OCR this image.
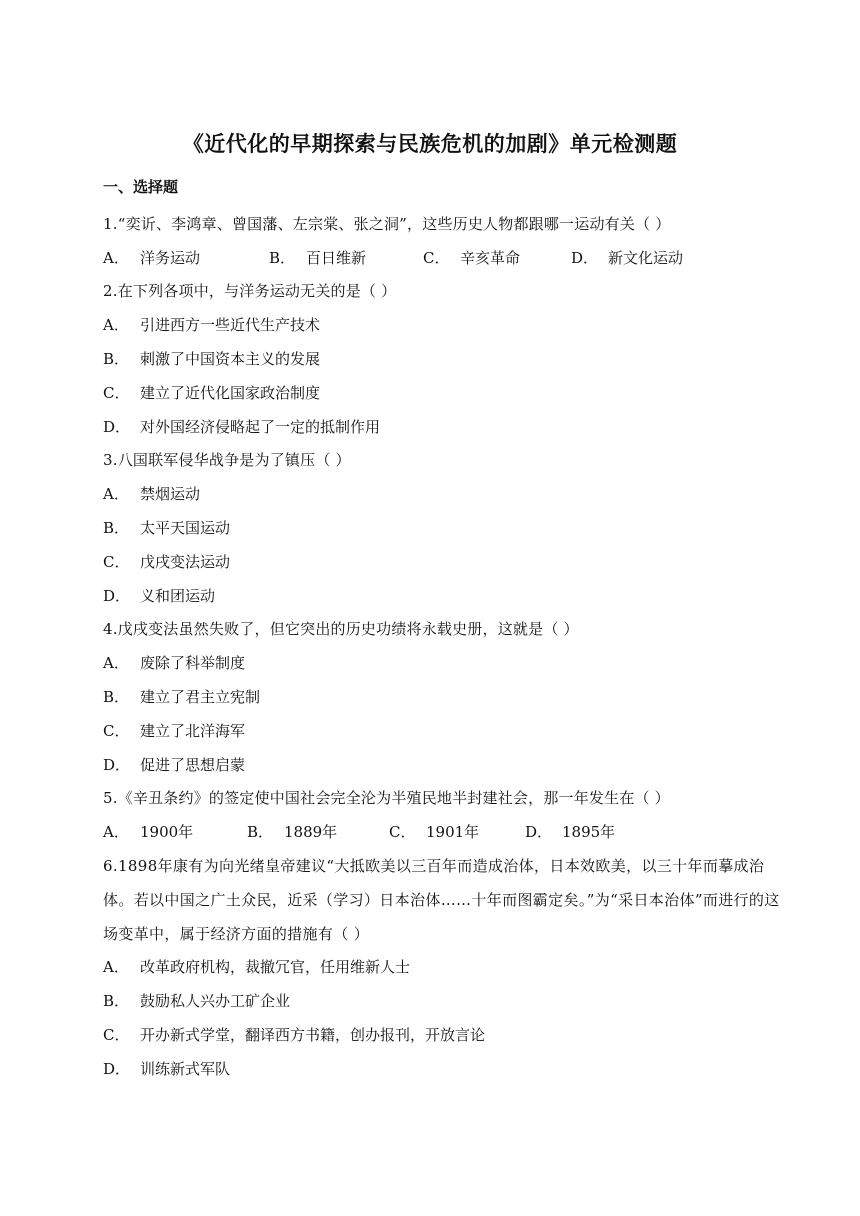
《近代化的早期探索与民族危机的加剧》单元检测题
一、选择题
1.“奕䜣、李鸿章、曾国藩、左宗棠、张之洞”，这些历史人物都跟哪一运动有关（ ）
A． 洋务运动	B． 百日维新	C． 辛亥革命	D． 新文化运动
2.在下列各项中，与洋务运动无关的是（ ）
A． 引进西方一些近代生产技术
B． 刺激了中国资本主义的发展
C． 建立了近代化国家政治制度
D． 对外国经济侵略起了一定的抵制作用
3.八国联军侵华战争是为了镇压（ ）
A． 禁烟运动
B． 太平天国运动
C． 戊戌变法运动
D． 义和团运动
4.戊戌变法虽然失败了，但它突出的历史功绩将永载史册，这就是（ ）
A． 废除了科举制度
B． 建立了君主立宪制
C． 建立了北洋海军
D． 促进了思想启蒙
5.《辛丑条约》的签定使中国社会完全沦为半殖民地半封建社会，那一年发生在（ ）
A． 1900年	B． 1889年	C． 1901年	D． 1895年
6.1898年康有为向光绪皇帝建议“大抵欧美以三百年而造成治体，日本效欧美，以三十年而摹成治体。若以中国之广土众民，近采（学习）日本治体……十年而图霸定矣。”为“采日本治体”而进行的这场变革中，属于经济方面的措施有（ ）
A． 改革政府机构，裁撤冗官，任用维新人士
B． 鼓励私人兴办工矿企业
C． 开办新式学堂，翻译西方书籍，创办报刊，开放言论
D． 训练新式军队
